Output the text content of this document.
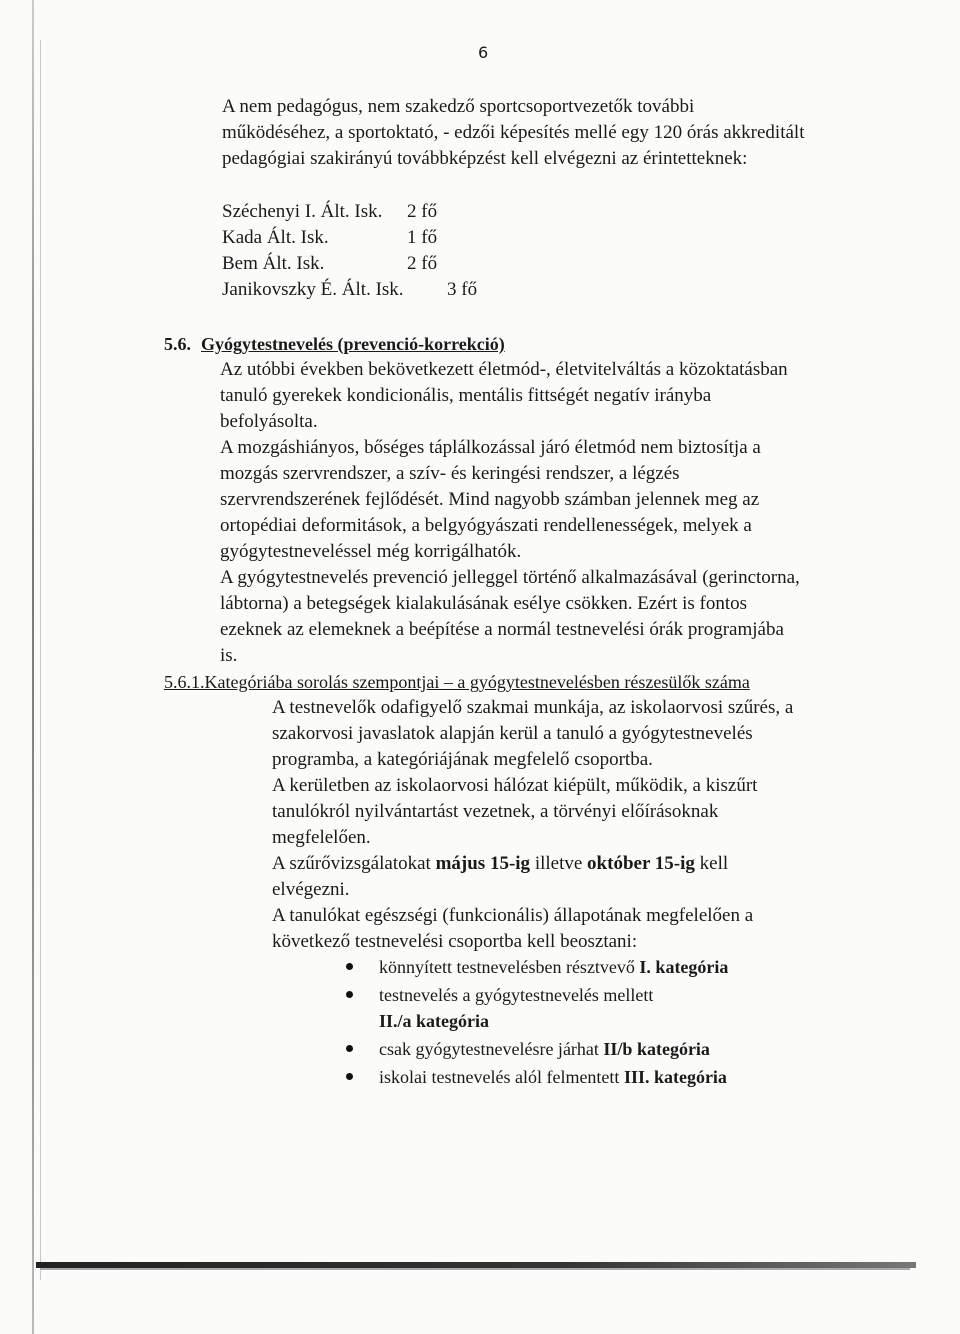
6
A nem pedagógus, nem szakedző sportcsoportvezetők további
működéséhez, a sportoktató, - edzői képesítés mellé egy 120 órás akkreditált
pedagógiai szakirányú továbbképzést kell elvégezni az érintetteknek:
Széchenyi I. Ált. Isk. 2 fő
Kada Ált. Isk.	1 fő
Bem Ált. Isk.	2 fő
Janikovszky É. Ált. Isk. 3 fő
5.6. Gyógytestnevelés (prevenció-korrekció)
Az utóbbi években bekövetkezett életmód-, életvitelváltás a közoktatásban
tanuló gyerekek kondicionális, mentális fittségét negatív irányba
befolyásolta.
A mozgáshiányos, bőséges táplálkozással járó életmód nem biztosítja a
mozgás szervrendszer, a szív- és keringési rendszer, a légzés
szervrendszerének fejlődését. Mind nagyobb számban jelennek meg az
ortopédiai deformitások, a belgyógyászati rendellenességek, melyek a
gyógytestneveléssel még korrigálhatók.
A gyógytestnevelés prevenció jelleggel történő alkalmazásával (gerinctorna,
lábtorna) a betegségek kialakulásának esélye csökken. Ezért is fontos
ezeknek az elemeknek a beépítése a normál testnevelési órák programjába
is.
5.6.1.Kategóriába sorolás szempontjai – a gyógytestnevelésben részesülők száma
A testnevelők odafigyelő szakmai munkája, az iskolaorvosi szűrés, a
szakorvosi javaslatok alapján kerül a tanuló a gyógytestnevelés
programba, a kategóriájának megfelelő csoportba.
A kerületben az iskolaorvosi hálózat kiépült, működik, a kiszűrt
tanulókról nyilvántartást vezetnek, a törvényi előírásoknak
megfelelően.
A szűrővizsgálatokat május 15-ig illetve október 15-ig kell
elvégezni.
A tanulókat egészségi (funkcionális) állapotának megfelelően a
következő testnevelési csoportba kell beosztani:
könnyített testnevelésben résztvevő I. kategória
testnevelés a gyógytestnevelés mellett
II./a kategória
csak gyógytestnevelésre járhat II/b kategória
iskolai testnevelés alól felmentett III. kategória
